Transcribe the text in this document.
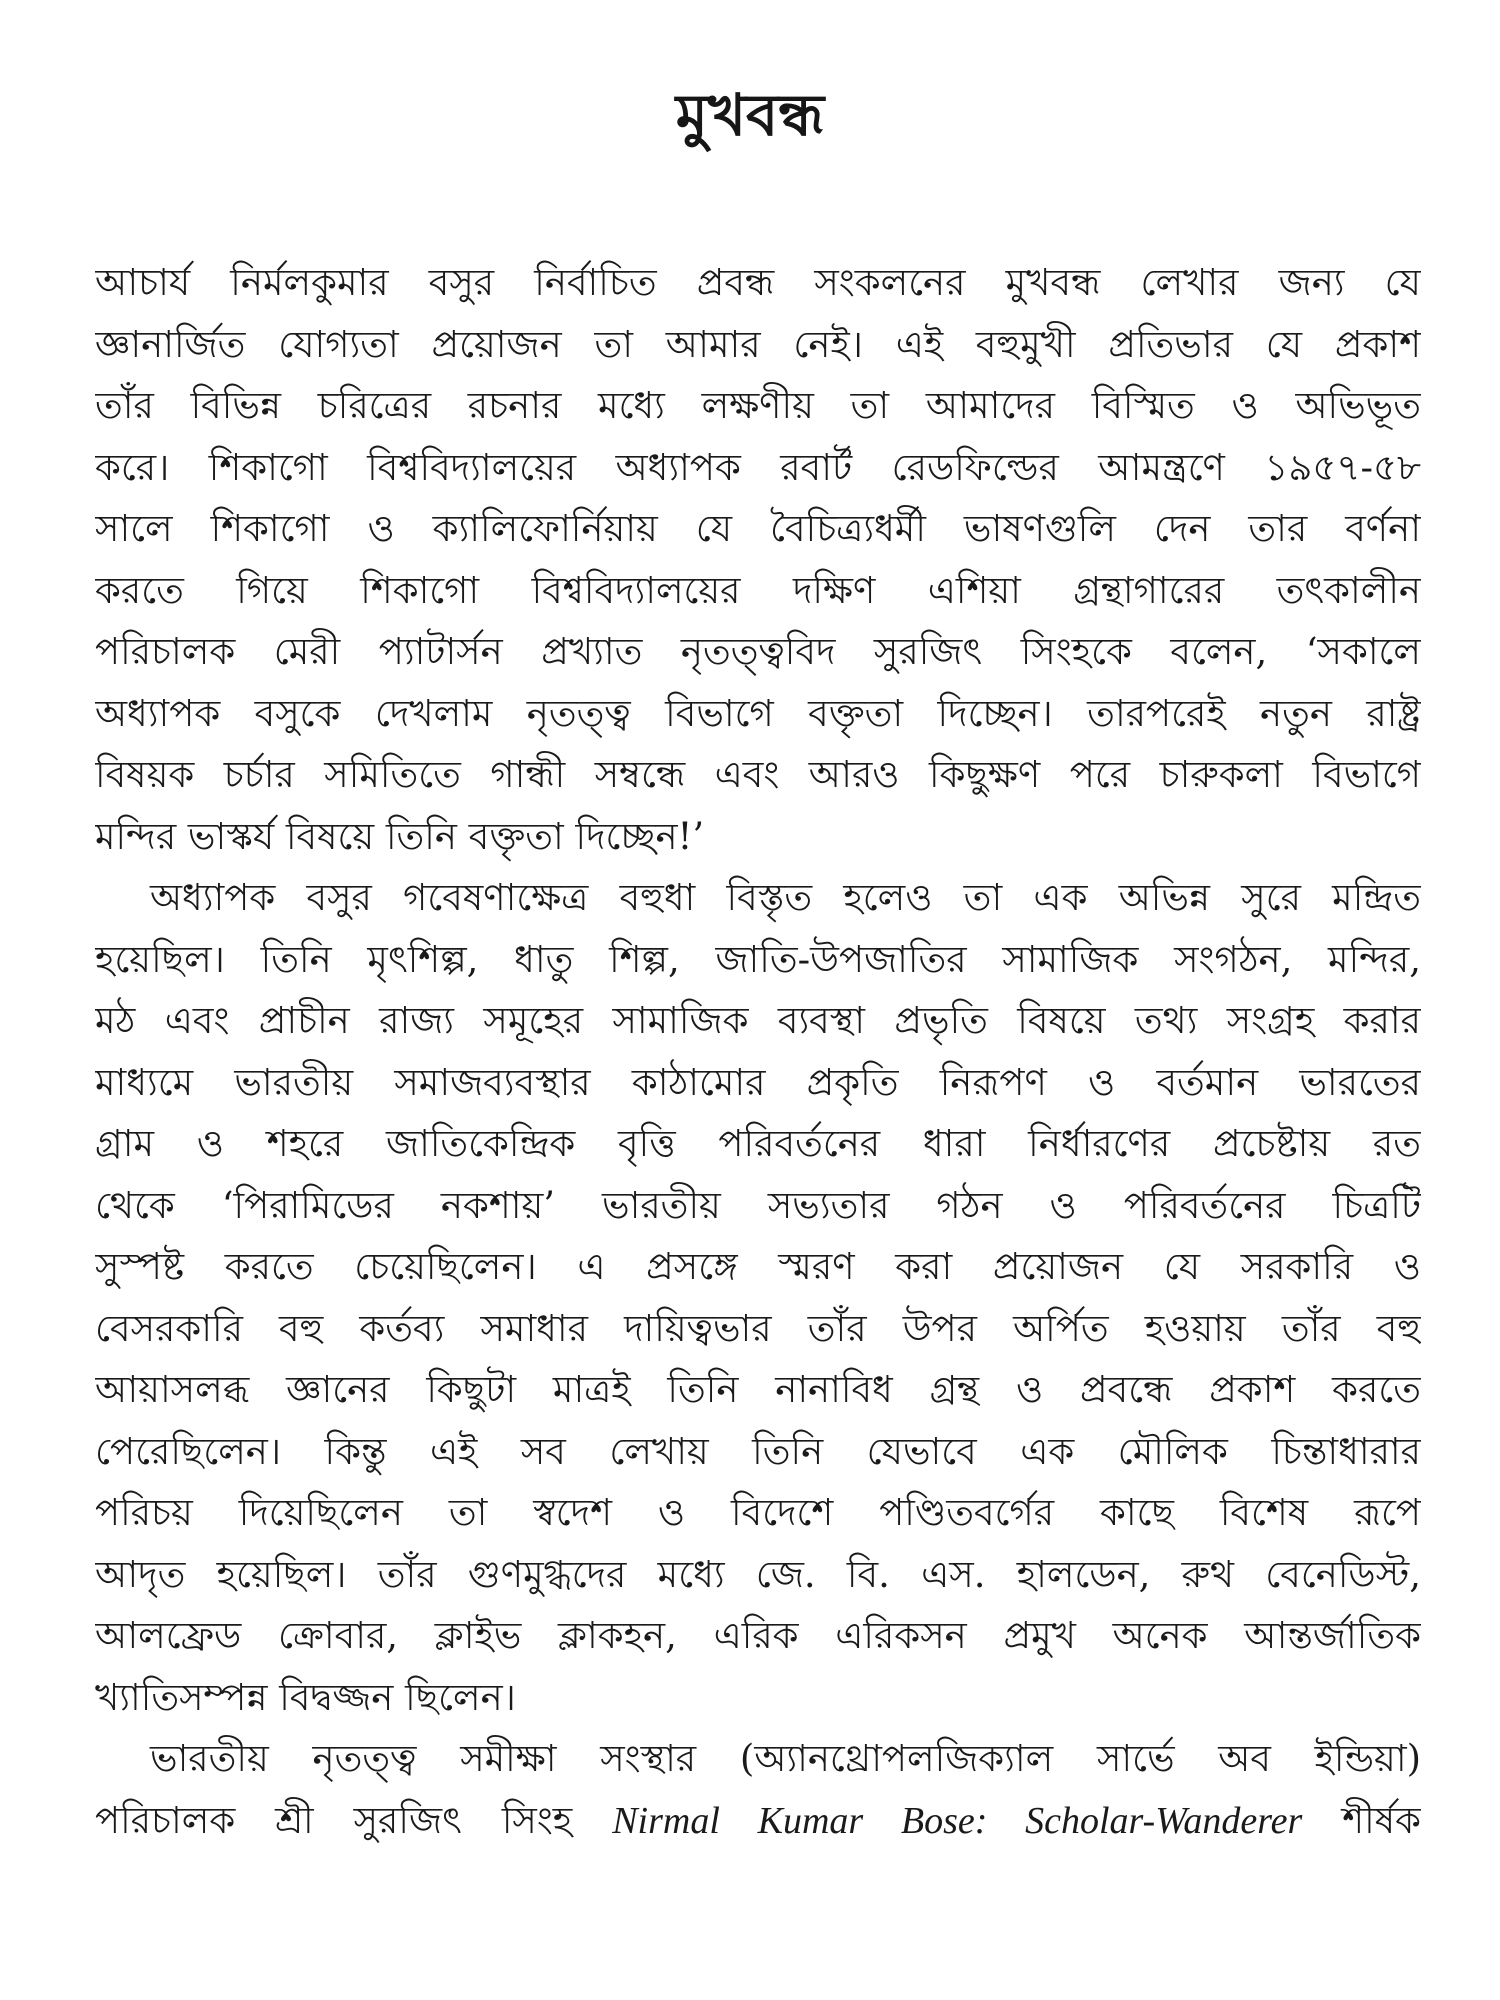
মুখবন্ধ
আচার্য নির্মলকুমার বসুর নির্বাচিত প্রবন্ধ সংকলনের মুখবন্ধ লেখার জন্য যে
জ্ঞানার্জিত যোগ্যতা প্রয়োজন তা আমার নেই। এই বহুমুখী প্রতিভার যে প্রকাশ
তাঁর বিভিন্ন চরিত্রের রচনার মধ্যে লক্ষণীয় তা আমাদের বিস্মিত ও অভিভূত
করে। শিকাগো বিশ্ববিদ্যালয়ের অধ্যাপক রবার্ট রেডফিল্ডের আমন্ত্রণে ১৯৫৭-৫৮
সালে শিকাগো ও ক্যালিফোর্নিয়ায় যে বৈচিত্র্যধর্মী ভাষণগুলি দেন তার বর্ণনা
করতে গিয়ে শিকাগো বিশ্ববিদ্যালয়ের দক্ষিণ এশিয়া গ্রন্থাগারের তৎকালীন
পরিচালক মেরী প্যাটার্সন প্রখ্যাত নৃতত্ত্ববিদ সুরজিৎ সিংহকে বলেন, ‘সকালে
অধ্যাপক বসুকে দেখলাম নৃতত্ত্ব বিভাগে বক্তৃতা দিচ্ছেন। তারপরেই নতুন রাষ্ট্র
বিষয়ক চর্চার সমিতিতে গান্ধী সম্বন্ধে এবং আরও কিছুক্ষণ পরে চারুকলা বিভাগে
মন্দির ভাস্কর্য বিষয়ে তিনি বক্তৃতা দিচ্ছেন!’
অধ্যাপক বসুর গবেষণাক্ষেত্র বহুধা বিস্তৃত হলেও তা এক অভিন্ন সুরে মন্দ্রিত
হয়েছিল। তিনি মৃৎশিল্প, ধাতু শিল্প, জাতি-উপজাতির সামাজিক সংগঠন, মন্দির,
মঠ এবং প্রাচীন রাজ্য সমূহের সামাজিক ব্যবস্থা প্রভৃতি বিষয়ে তথ্য সংগ্রহ করার
মাধ্যমে ভারতীয় সমাজব্যবস্থার কাঠামোর প্রকৃতি নিরূপণ ও বর্তমান ভারতের
গ্রাম ও শহরে জাতিকেন্দ্রিক বৃত্তি পরিবর্তনের ধারা নির্ধারণের প্রচেষ্টায় রত
থেকে ‘পিরামিডের নকশায়’ ভারতীয় সভ্যতার গঠন ও পরিবর্তনের চিত্রটি
সুস্পষ্ট করতে চেয়েছিলেন। এ প্রসঙ্গে স্মরণ করা প্রয়োজন যে সরকারি ও
বেসরকারি বহু কর্তব্য সমাধার দায়িত্বভার তাঁর উপর অর্পিত হওয়ায় তাঁর বহু
আয়াসলব্ধ জ্ঞানের কিছুটা মাত্রই তিনি নানাবিধ গ্রন্থ ও প্রবন্ধে প্রকাশ করতে
পেরেছিলেন। কিন্তু এই সব লেখায় তিনি যেভাবে এক মৌলিক চিন্তাধারার
পরিচয় দিয়েছিলেন তা স্বদেশ ও বিদেশে পণ্ডিতবর্গের কাছে বিশেষ রূপে
আদৃত হয়েছিল। তাঁর গুণমুগ্ধদের মধ্যে জে. বি. এস. হালডেন, রুথ বেনেডিস্ট,
আলফ্রেড ক্রোবার, ক্লাইভ ক্লাকহন, এরিক এরিকসন প্রমুখ অনেক আন্তর্জাতিক
খ্যাতিসম্পন্ন বিদ্বজ্জন ছিলেন।
ভারতীয় নৃতত্ত্ব সমীক্ষা সংস্থার (অ্যানথ্রোপলজিক্যাল সার্ভে অব ইন্ডিয়া)
পরিচালক শ্রী সুরজিৎ সিংহ Nirmal Kumar Bose: Scholar-Wanderer শীর্ষক
